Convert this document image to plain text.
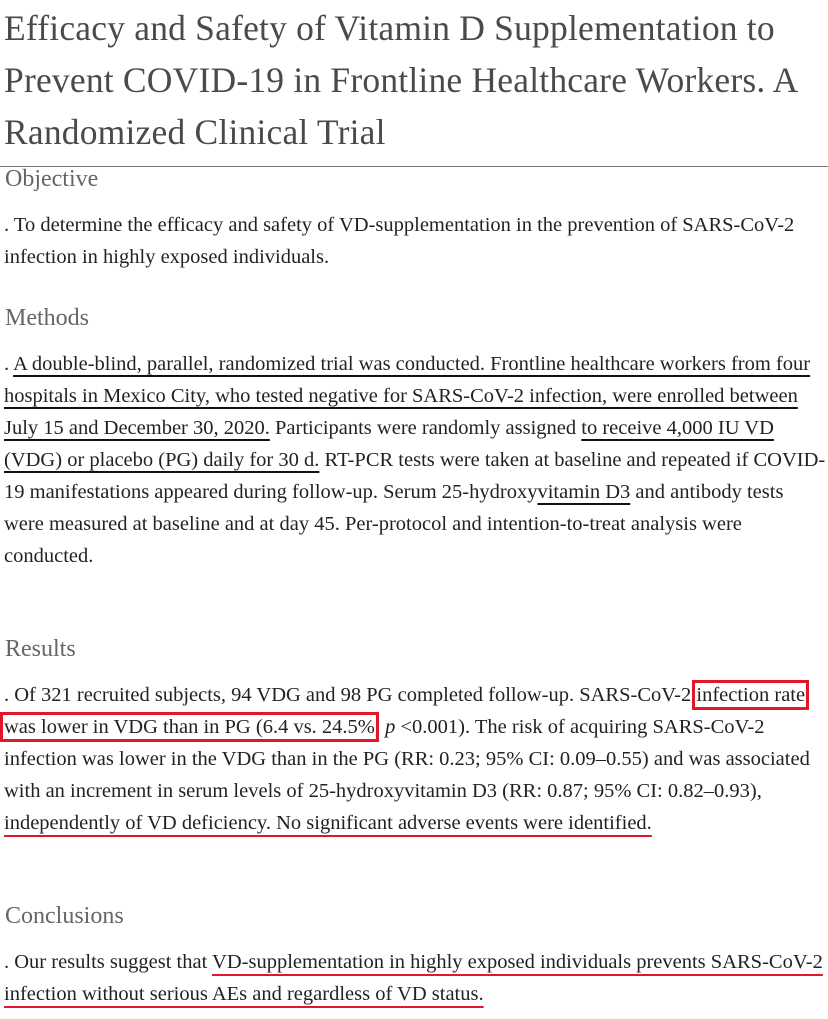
Efficacy and Safety of Vitamin D Supplementation to Prevent COVID-19 in Frontline Healthcare Workers. A Randomized Clinical Trial
Objective

. To determine the efficacy and safety of VD-supplementation in the prevention of SARS-CoV-2 infection in highly exposed individuals.

Methods

. A double-blind, parallel, randomized trial was conducted. Frontline healthcare workers from four hospitals in Mexico City, who tested negative for SARS-CoV-2 infection, were enrolled between July 15 and December 30, 2020. Participants were randomly assigned to receive 4,000 IU VD (VDG) or placebo (PG) daily for 30 d. RT-PCR tests were taken at baseline and repeated if COVID-19 manifestations appeared during follow-up. Serum 25-hydroxyvitamin D3 and antibody tests were measured at baseline and at day 45. Per-protocol and intention-to-treat analysis were conducted.

Results

. Of 321 recruited subjects, 94 VDG and 98 PG completed follow-up. SARS-CoV-2 infection rate was lower in VDG than in PG (6.4 vs. 24.5%, p <0.001). The risk of acquiring SARS-CoV-2 infection was lower in the VDG than in the PG (RR: 0.23; 95% CI: 0.09–0.55) and was associated with an increment in serum levels of 25-hydroxyvitamin D3 (RR: 0.87; 95% CI: 0.82–0.93), independently of VD deficiency. No significant adverse events were identified.

Conclusions

. Our results suggest that VD-supplementation in highly exposed individuals prevents SARS-CoV-2 infection without serious AEs and regardless of VD status.
